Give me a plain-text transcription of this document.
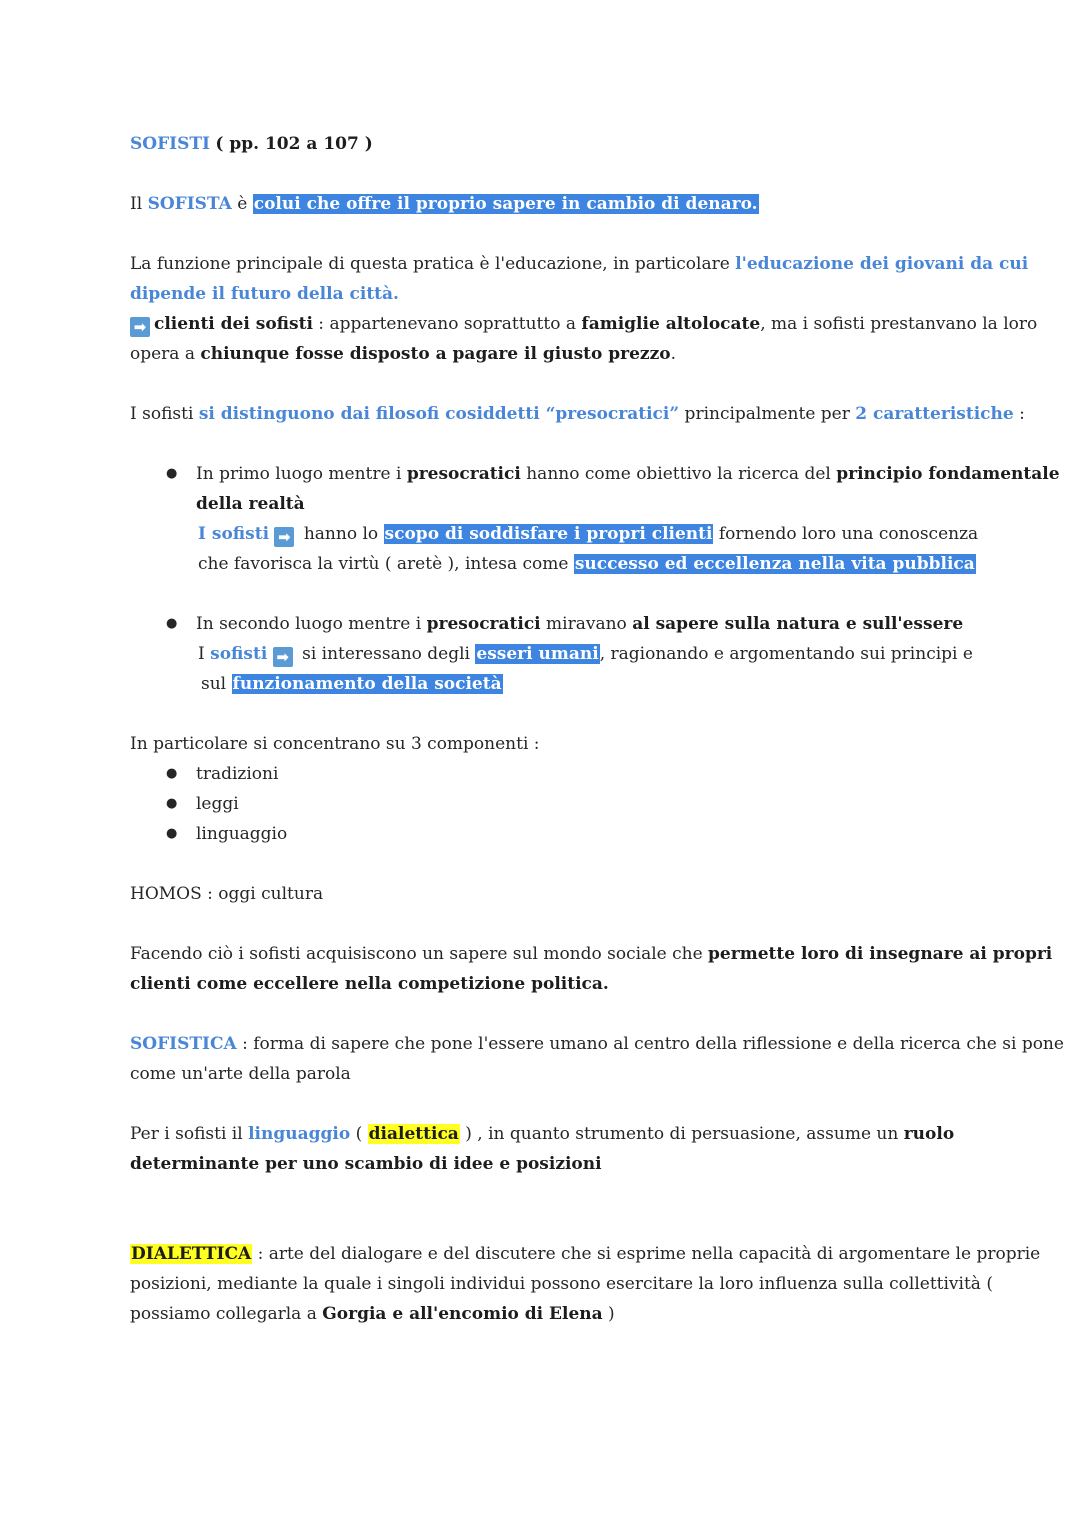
SOFISTI ( pp. 102 a 107 )

Il SOFISTA è colui che offre il proprio sapere in cambio di denaro.

La funzione principale di questa pratica è l'educazione, in particolare l'educazione dei giovani da cui

dipende il futuro della città.

➡ clienti dei sofisti : appartenevano soprattutto a famiglie altolocate, ma i sofisti prestanvano la loro

opera a chiunque fosse disposto a pagare il giusto prezzo.

I sofisti si distinguono dai filosofi cosiddetti “presocratici” principalmente per 2 caratteristiche :

● In primo luogo mentre i presocratici hanno come obiettivo la ricerca del principio fondamentale

della realtà

I sofisti ➡ hanno lo scopo di soddisfare i propri clienti fornendo loro una conoscenza

che favorisca la virtù ( aretè ), intesa come successo ed eccellenza nella vita pubblica

● In secondo luogo mentre i presocratici miravano al sapere sulla natura e sull'essere

I sofisti ➡ si interessano degli esseri umani, ragionando e argomentando sui principi e

sul funzionamento della società

In particolare si concentrano su 3 componenti :

● tradizioni

● leggi

● linguaggio

HOMOS : oggi cultura

Facendo ciò i sofisti acquisiscono un sapere sul mondo sociale che permette loro di insegnare ai propri

clienti come eccellere nella competizione politica.

SOFISTICA : forma di sapere che pone l'essere umano al centro della riflessione e della ricerca che si pone

come un'arte della parola

Per i sofisti il linguaggio ( dialettica ) , in quanto strumento di persuasione, assume un ruolo

determinante per uno scambio di idee e posizioni

DIALETTICA : arte del dialogare e del discutere che si esprime nella capacità di argomentare le proprie

posizioni, mediante la quale i singoli individui possono esercitare la loro influenza sulla collettività (

possiamo collegarla a Gorgia e all'encomio di Elena )
